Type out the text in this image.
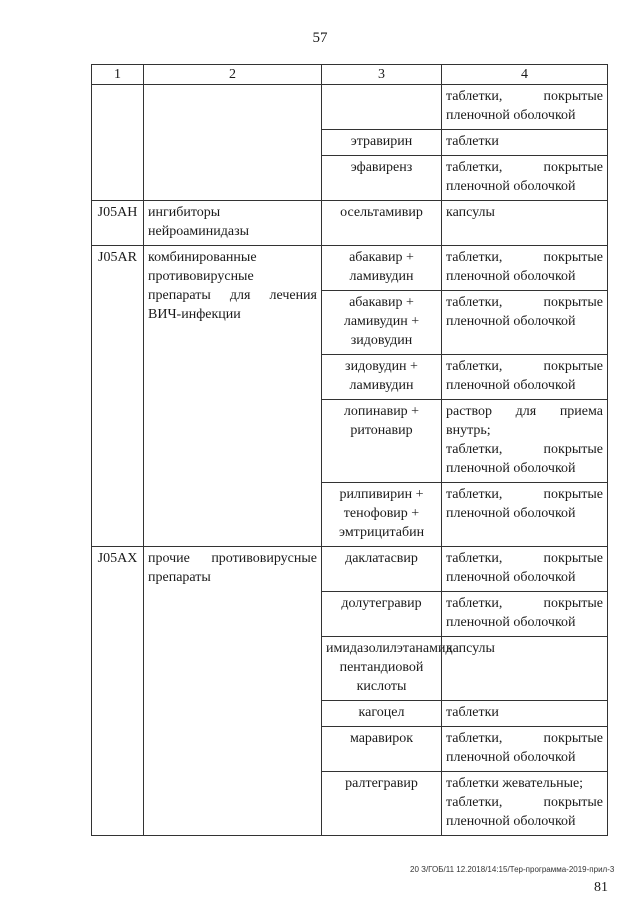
57
1	2	3	4
			таблетки, покрытые пленочной оболочкой
		этравирин	таблетки
		эфавиренз	таблетки, покрытые пленочной оболочкой
J05AH	ингибиторы нейроаминидазы	осельтамивир	капсулы
J05AR	комбинированные противовирусные препараты для лечения ВИЧ-инфекции	абакавир + ламивудин	таблетки, покрытые пленочной оболочкой
		абакавир + ламивудин + зидовудин	таблетки, покрытые пленочной оболочкой
		зидовудин + ламивудин	таблетки, покрытые пленочной оболочкой
		лопинавир + ритонавир	раствор для приема внутрь;
таблетки, покрытые пленочной оболочкой

		рилпивирин + тенофовир + эмтрицитабин	таблетки, покрытые пленочной оболочкой
J05AX	прочие противовирусные препараты	даклатасвир	таблетки, покрытые пленочной оболочкой
		долутегравир	таблетки, покрытые пленочной оболочкой
		имидазолилэтанамид пентандиовой кислоты	капсулы
		кагоцел	таблетки
		маравирок	таблетки, покрытые пленочной оболочкой
		ралтегравир	таблетки жевательные;
таблетки, покрытые пленочной оболочкой
20 З/ГОБ/11 12.2018/14:15/Тер-программа-2019-прил-3
81
